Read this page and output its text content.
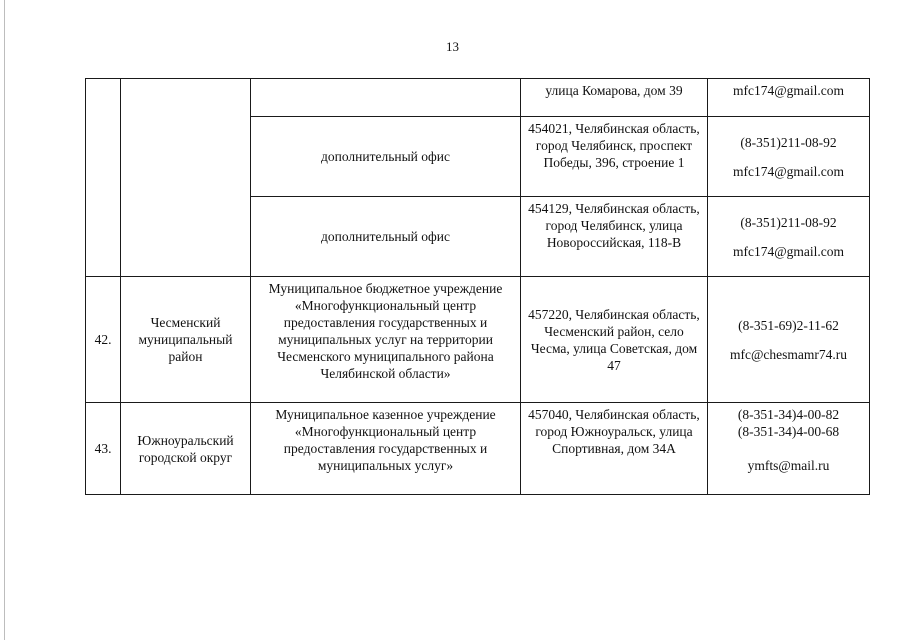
13
			улица Комарова, дом 39	mfc174@gmail.com

		дополнительный офис	454021, Челябинская область, город Челябинск, проспект Победы, 396, строение 1	(8-351)211-08-92
mfc174@gmail.com

		дополнительный офис	454129, Челябинская область, город Челябинск, улица Новороссийская, 118-В	(8-351)211-08-92
mfc174@gmail.com

42.	Чесменский муниципальный район	Муниципальное бюджетное учреждение «Многофункциональный центр предоставления государственных и муниципальных услуг на территории Чесменского муниципального района Челябинской области»	457220, Челябинская область, Чесменский район, село Чесма, улица Советская, дом 47	(8-351-69)2-11-62
mfc@chesmamr74.ru

43.	Южноуральский городской округ	Муниципальное казенное учреждение «Многофункциональный центр предоставления государственных и муниципальных услуг»	457040, Челябинская область, город Южноуральск, улица Спортивная, дом 34А	(8-351-34)4-00-82
(8-351-34)4-00-68
ymfts@mail.ru
